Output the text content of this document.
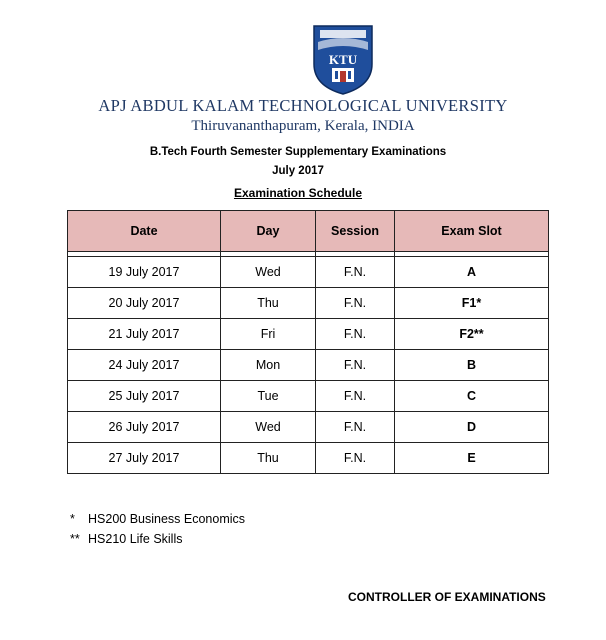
KTU
APJ ABDUL KALAM TECHNOLOGICAL UNIVERSITY
Thiruvananthapuram, Kerala, INDIA
B.Tech Fourth Semester Supplementary Examinations
July 2017
Examination Schedule
Date	Day	Session	Exam Slot

19 July 2017	Wed	F.N.	A
20 July 2017	Thu	F.N.	F1*
21 July 2017	Fri	F.N.	F2**
24 July 2017	Mon	F.N.	B
25 July 2017	Tue	F.N.	C
26 July 2017	Wed	F.N.	D
27 July 2017	Thu	F.N.	E
* HS200 Business Economics
** HS210 Life Skills
CONTROLLER OF EXAMINATIONS
